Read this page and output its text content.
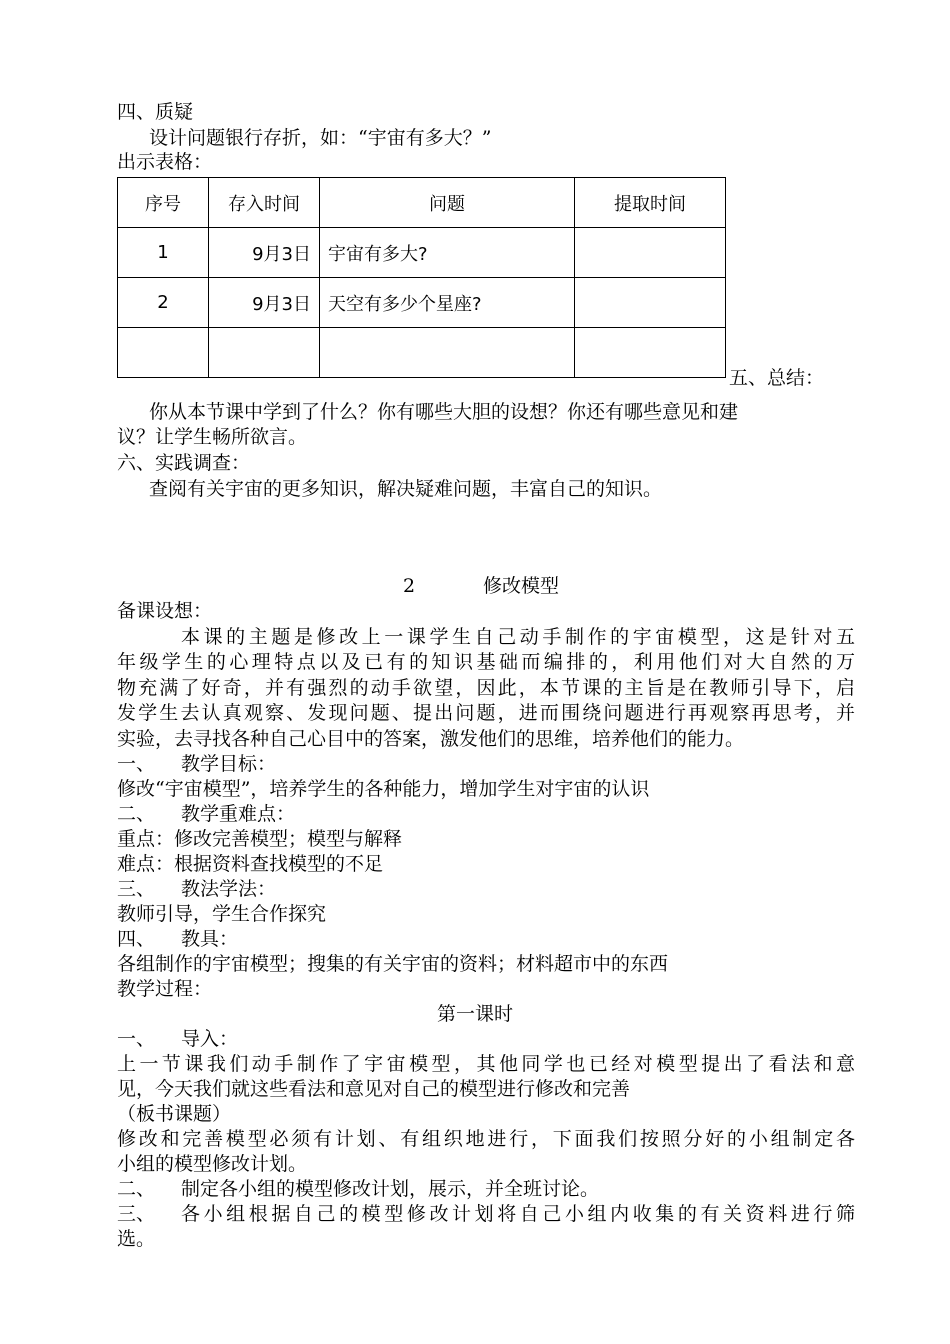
四、质疑
设计问题银行存折，如：“宇宙有多大？”
出示表格：
序号	存入时间	问题	提取时间
1	9月3日	宇宙有多大?	
2	9月3日	天空有多少个星座?	

五、总结：
你从本节课中学到了什么？你有哪些大胆的设想？你还有哪些意见和建
议？让学生畅所欲言。
六、实践调查：
查阅有关宇宙的更多知识，解决疑难问题，丰富自己的知识。
2	修改模型
备课设想：
本课的主题是修改上一课学生自己动手制作的宇宙模型，这是针对五
年级学生的心理特点以及已有的知识基础而编排的，利用他们对大自然的万
物充满了好奇，并有强烈的动手欲望，因此，本节课的主旨是在教师引导下，启
发学生去认真观察、发现问题、提出问题，进而围绕问题进行再观察再思考，并
实验，去寻找各种自己心目中的答案，激发他们的思维，培养他们的能力。
一、 教学目标：
修改“宇宙模型”，培养学生的各种能力，增加学生对宇宙的认识
二、 教学重难点：
重点：修改完善模型；模型与解释
难点：根据资料查找模型的不足
三、 教法学法：
教师引导，学生合作探究
四、 教具：
各组制作的宇宙模型；搜集的有关宇宙的资料；材料超市中的东西
教学过程：
第一课时
一、 导入：
上一节课我们动手制作了宇宙模型，其他同学也已经对模型提出了看法和意
见，今天我们就这些看法和意见对自己的模型进行修改和完善
（板书课题）
修改和完善模型必须有计划、有组织地进行，下面我们按照分好的小组制定各
小组的模型修改计划。
二、 制定各小组的模型修改计划，展示，并全班讨论。
三、 各小组根据自己的模型修改计划将自己小组内收集的有关资料进行筛
选。
